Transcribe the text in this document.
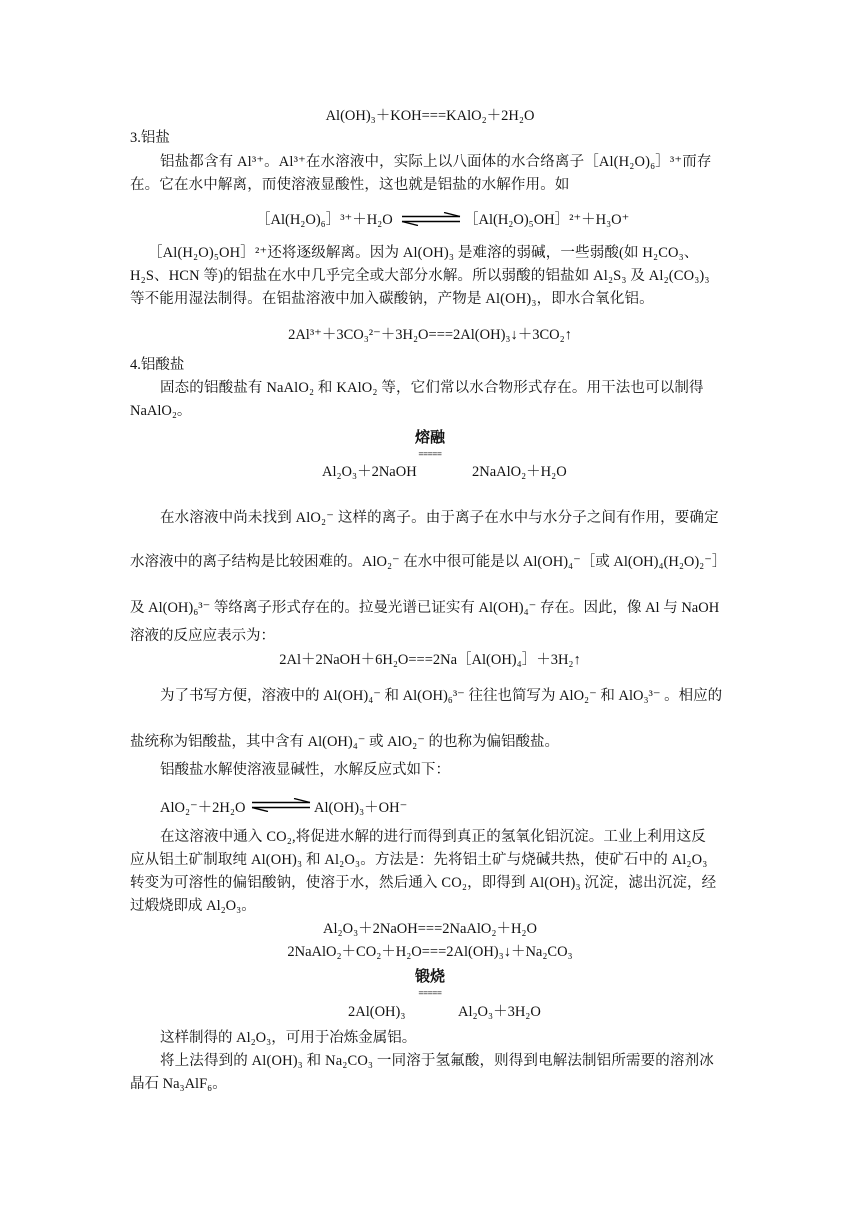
Al(OH)₃＋KOH===KAlO₂＋2H₂O
3.铝盐
铝盐都含有 Al³⁺。Al³⁺在水溶液中，实际上以八面体的水合络离子［Al(H₂O)₆］³⁺而存
在。它在水中解离，而使溶液显酸性，这也就是铝盐的水解作用。如
［Al(H₂O)₆］³⁺＋H₂O	［Al(H₂O)₅OH］²⁺＋H₃O⁺
［Al(H₂O)₅OH］²⁺还将逐级解离。因为 Al(OH)₃ 是难溶的弱碱，一些弱酸(如 H₂CO₃、
H₂S、HCN 等)的铝盐在水中几乎完全或大部分水解。所以弱酸的铝盐如 Al₂S₃ 及 Al₂(CO₃)₃
等不能用湿法制得。在铝盐溶液中加入碳酸钠，产物是 Al(OH)₃，即水合氧化铝。
2Al³⁺＋3CO₃²⁻＋3H₂O===2Al(OH)₃↓＋3CO₂↑
4.铝酸盐
固态的铝酸盐有 NaAlO₂ 和 KAlO₂ 等，它们常以水合物形式存在。用干法也可以制得
NaAlO₂。
熔融
=====
Al₂O₃＋2NaOH	2NaAlO₂＋H₂O
在水溶液中尚未找到 AlO₂⁻ 这样的离子。由于离子在水中与水分子之间有作用，要确定
水溶液中的离子结构是比较困难的。AlO₂⁻ 在水中很可能是以 Al(OH)₄⁻［或 Al(OH)₄(H₂O)₂⁻］
及 Al(OH)₆³⁻ 等络离子形式存在的。拉曼光谱已证实有 Al(OH)₄⁻ 存在。因此，像 Al 与 NaOH
溶液的反应应表示为：
2Al＋2NaOH＋6H₂O===2Na［Al(OH)₄］＋3H₂↑
为了书写方便，溶液中的 Al(OH)₄⁻ 和 Al(OH)₆³⁻ 往往也简写为 AlO₂⁻ 和 AlO₃³⁻ 。相应的
盐统称为铝酸盐，其中含有 Al(OH)₄⁻ 或 AlO₂⁻ 的也称为偏铝酸盐。
铝酸盐水解使溶液显碱性，水解反应式如下：
AlO₂⁻＋2H₂O	Al(OH)₃＋OH⁻
在这溶液中通入 CO₂,将促进水解的进行而得到真正的氢氧化铝沉淀。工业上利用这反
应从铝土矿制取纯 Al(OH)₃ 和 Al₂O₃。方法是：先将铝土矿与烧碱共热，使矿石中的 Al₂O₃
转变为可溶性的偏铝酸钠，使溶于水，然后通入 CO₂，即得到 Al(OH)₃ 沉淀，滤出沉淀，经
过煅烧即成 Al₂O₃。
Al₂O₃＋2NaOH===2NaAlO₂＋H₂O
2NaAlO₂＋CO₂＋H₂O===2Al(OH)₃↓＋Na₂CO₃
锻烧
=====
2Al(OH)₃	Al₂O₃＋3H₂O
这样制得的 Al₂O₃，可用于冶炼金属铝。
将上法得到的 Al(OH)₃ 和 Na₂CO₃ 一同溶于氢氟酸，则得到电解法制铝所需要的溶剂冰
晶石 Na₃AlF₆。
